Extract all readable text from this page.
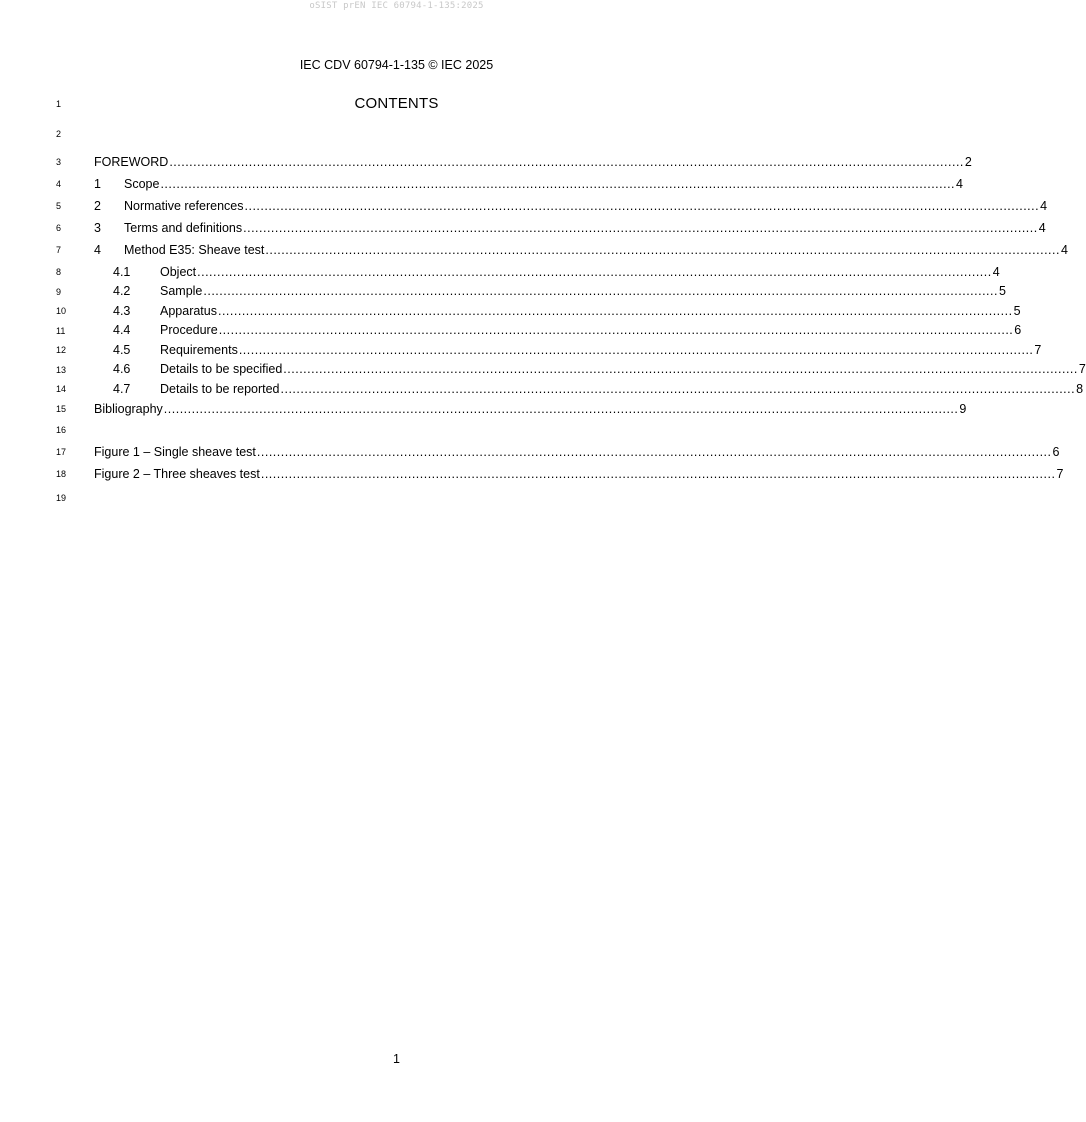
oSIST prEN IEC 60794-1-135:2025
IEC CDV 60794-1-135 © IEC 2025
1
2
3
4
5
6
7
8
9
10
11
12
13
14
15
16
17
18
19
CONTENTS
FOREWORD ........................................................................................................................................................................................................ 2
1	Scope ........................................................................................................................................................................................................ 4
2	Normative references ........................................................................................................................................................................................................ 4
3	Terms and definitions ........................................................................................................................................................................................................ 4
4	Method E35: Sheave test ........................................................................................................................................................................................................ 4
4.1	Object ........................................................................................................................................................................................................ 4
4.2	Sample ........................................................................................................................................................................................................ 5
4.3	Apparatus ........................................................................................................................................................................................................ 5
4.4	Procedure ........................................................................................................................................................................................................ 6
4.5	Requirements ........................................................................................................................................................................................................ 7
4.6	Details to be specified ........................................................................................................................................................................................................ 7
4.7	Details to be reported ........................................................................................................................................................................................................ 8
Bibliography ........................................................................................................................................................................................................ 9
Figure 1 – Single sheave test ........................................................................................................................................................................................................ 6
Figure 2 – Three sheaves test ........................................................................................................................................................................................................ 7
1
